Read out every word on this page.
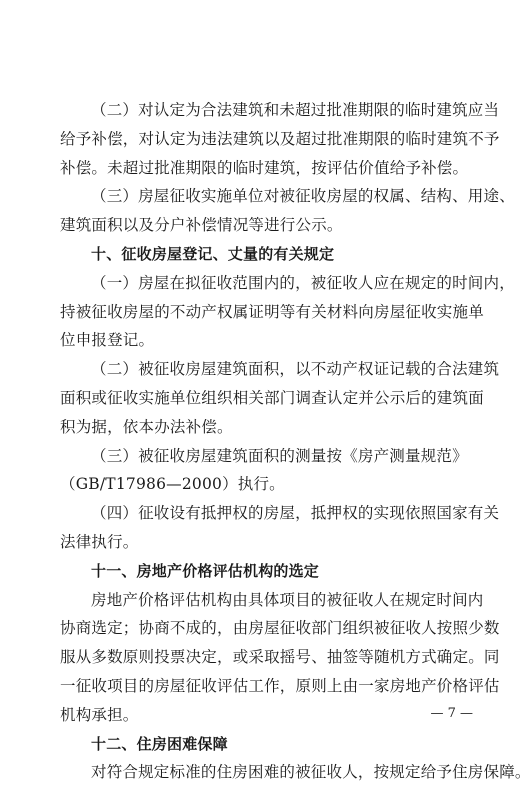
（二）对认定为合法建筑和未超过批准期限的临时建筑应当
给予补偿，对认定为违法建筑以及超过批准期限的临时建筑不予
补偿。未超过批准期限的临时建筑，按评估价值给予补偿。
（三）房屋征收实施单位对被征收房屋的权属、结构、用途、
建筑面积以及分户补偿情况等进行公示。
十、征收房屋登记、丈量的有关规定
（一）房屋在拟征收范围内的，被征收人应在规定的时间内，
持被征收房屋的不动产权属证明等有关材料向房屋征收实施单
位申报登记。
（二）被征收房屋建筑面积，以不动产权证记载的合法建筑
面积或征收实施单位组织相关部门调查认定并公示后的建筑面
积为据，依本办法补偿。
（三）被征收房屋建筑面积的测量按《房产测量规范》
（GB/T17986—2000）执行。
（四）征收设有抵押权的房屋，抵押权的实现依照国家有关
法律执行。
十一、房地产价格评估机构的选定
房地产价格评估机构由具体项目的被征收人在规定时间内
协商选定；协商不成的，由房屋征收部门组织被征收人按照少数
服从多数原则投票决定，或采取摇号、抽签等随机方式确定。同
一征收项目的房屋征收评估工作，原则上由一家房地产价格评估
机构承担。
十二、住房困难保障
对符合规定标准的住房困难的被征收人，按规定给予住房保障。
— 7 —
